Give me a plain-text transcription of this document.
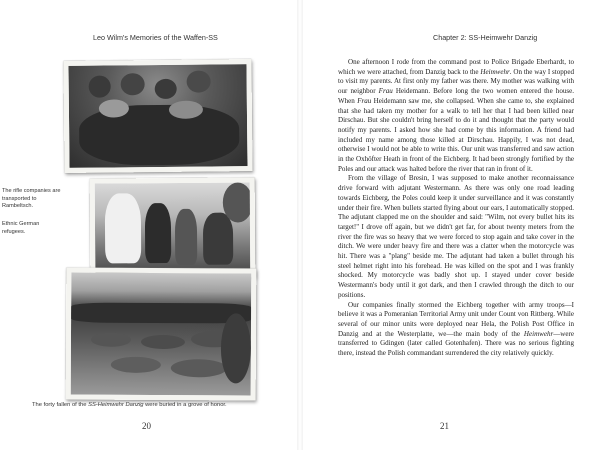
Leo Wilm's Memories of the Waffen-SS
The rifle companies are transported to Rambeltsch.
Ethnic German refugees.
The forty fallen of the SS-Heimwehr Danzig were buried in a grove of honor.
20
Chapter 2: SS-Heimwehr Danzig

One afternoon I rode from the command post to Police Brigade Eberhardt, to which we were attached, from Danzig back to the Heimwehr. On the way I stopped to visit my parents. At first only my father was there. My mother was walking with our neighbor Frau Heidemann. Before long the two women entered the house. When Frau Heidemann saw me, she collapsed. When she came to, she explained that she had taken my mother for a walk to tell her that I had been killed near Dirschau. But she couldn't bring herself to do it and thought that the party would notify my parents. I asked how she had come by this information. A friend had included my name among those killed at Dirschau. Happily, I was not dead, otherwise I would not be able to write this. Our unit was transferred and saw action in the Oxhöfter Heath in front of the Eichberg. It had been strongly fortified by the Poles and our attack was halted before the river that ran in front of it.

From the village of Bresin, I was supposed to make another reconnaissance drive forward with adjutant Westermann. As there was only one road leading towards Eichberg, the Poles could keep it under surveillance and it was constantly under their fire. When bullets started flying about our ears, I automatically stopped. The adjutant clapped me on the shoulder and said: "Wilm, not every bullet hits its target!" I drove off again, but we didn't get far, for about twenty meters from the river the fire was so heavy that we were forced to stop again and take cover in the ditch. We were under heavy fire and there was a clatter when the motorcycle was hit. There was a "plang" beside me. The adjutant had taken a bullet through his steel helmet right into his forehead. He was killed on the spot and I was frankly shocked. My motorcycle was badly shot up. I stayed under cover beside Westermann's body until it got dark, and then I crawled through the ditch to our positions.

Our companies finally stormed the Eichberg together with army troops—I believe it was a Pomeranian Territorial Army unit under Count von Rittberg. While several of our minor units were deployed near Hela, the Polish Post Office in Danzig and at the Westerplatte, we—the main body of the Heimwehr—were transferred to Gdingen (later called Gotenhafen). There was no serious fighting there, instead the Polish commandant surrendered the city relatively quickly.

21
